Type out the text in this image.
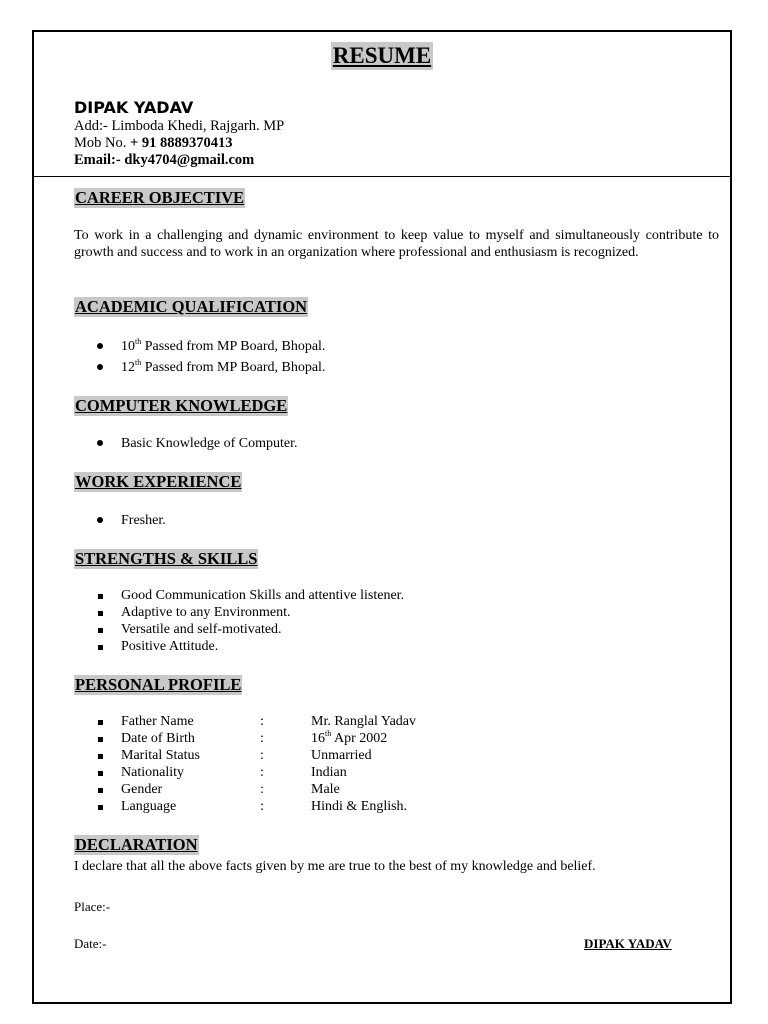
RESUME
DIPAK YADAV
Add:- Limboda Khedi, Rajgarh. MP
Mob No. + 91 8889370413
Email:- dky4704@gmail.com
CAREER OBJECTIVE
To work in a challenging and dynamic environment to keep value to myself and simultaneously contribute to growth and success and to work in an organization where professional and enthusiasm is recognized.
ACADEMIC QUALIFICATION
10th Passed from MP Board, Bhopal.
12th Passed from MP Board, Bhopal.
COMPUTER KNOWLEDGE
Basic Knowledge of Computer.
WORK EXPERIENCE
Fresher.
STRENGTHS & SKILLS
Good Communication Skills and attentive listener.
Adaptive to any Environment.
Versatile and self-motivated.
Positive Attitude.
PERSONAL PROFILE
Father Name	:	Mr. Ranglal Yadav
Date of Birth	:	16th Apr 2002
Marital Status	:	Unmarried
Nationality	:	Indian
Gender	:	Male
Language	:	Hindi & English.
DECLARATION
I declare that all the above facts given by me are true to the best of my knowledge and belief.
Place:-
Date:-	DIPAK YADAV
